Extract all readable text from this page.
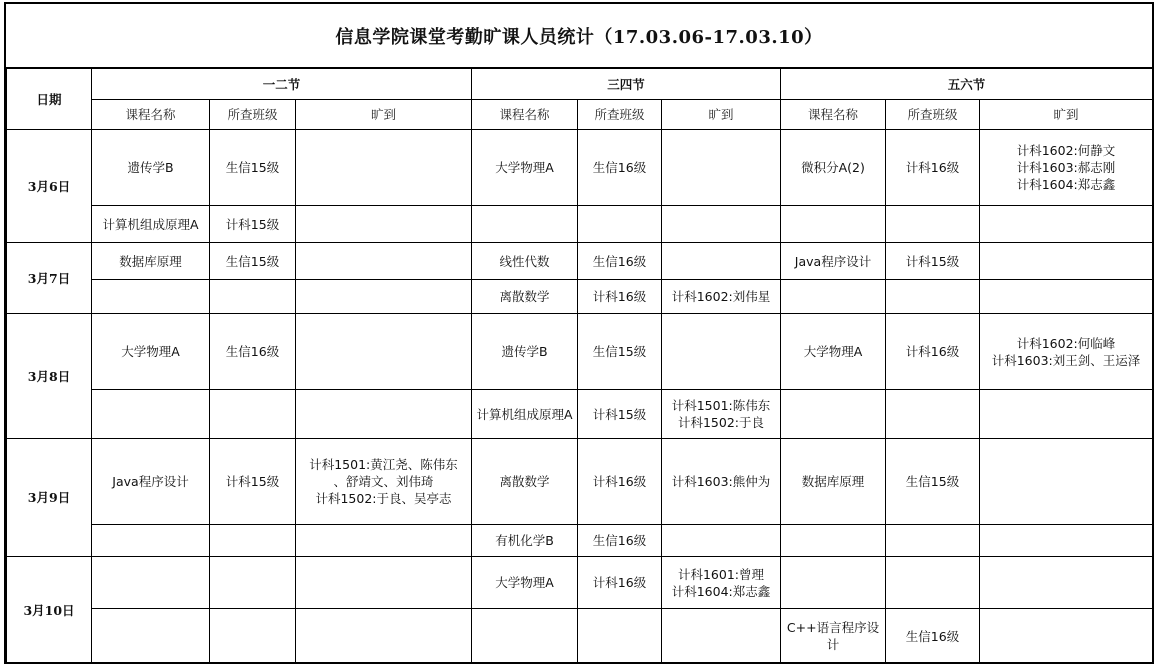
信息学院课堂考勤旷课人员统计（17.03.06-17.03.10）
日期	一二节			三四节			五六节		
	课程名称	所查班级	旷到	课程名称	所查班级	旷到	课程名称	所查班级	旷到
3月6日	遗传学B	生信15级		大学物理A	生信16级		微积分A(2)	计科16级	计科1602:何静文
计科1603:郝志刚
计科1604:郑志鑫
	计算机组成原理A	计科15级							
3月7日	数据库原理	生信15级		线性代数	生信16级		Java程序设计	计科15级	
				离散数学	计科16级	计科1602:刘伟星			
3月8日	大学物理A	生信16级		遗传学B	生信15级		大学物理A	计科16级	计科1602:何临峰
计科1603:刘王剑、王运泽
				计算机组成原理A	计科15级	计科1501:陈伟东
计科1502:于良			
3月9日	Java程序设计	计科15级	计科1501:黄江尧、陈伟东
、舒靖文、刘伟琦
计科1502:于良、吴亭志	离散数学	计科16级	计科1603:熊仲为	数据库原理	生信15级	
				有机化学B	生信16级				
3月10日				大学物理A	计科16级	计科1601:曾理
计科1604:郑志鑫			
							C++语言程序设计	生信16级	
